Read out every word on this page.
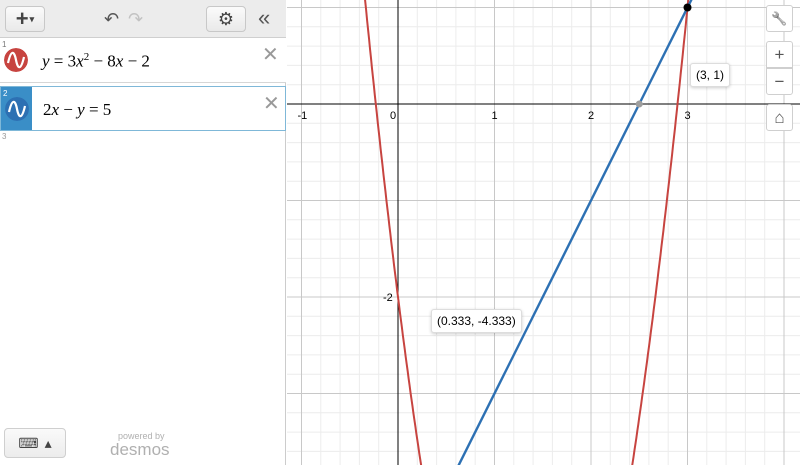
+ ▾	↶ ↷	⚙ «
1
$y = 3x^2 - 8x - 2$	✕
2
2x − y = 5	✕
3
⌨ ▴	powered by
desmos
-1	0	1	2	3
-2
(3, 1)
(0.333, -4.333)
🔧
+
−
⌂
